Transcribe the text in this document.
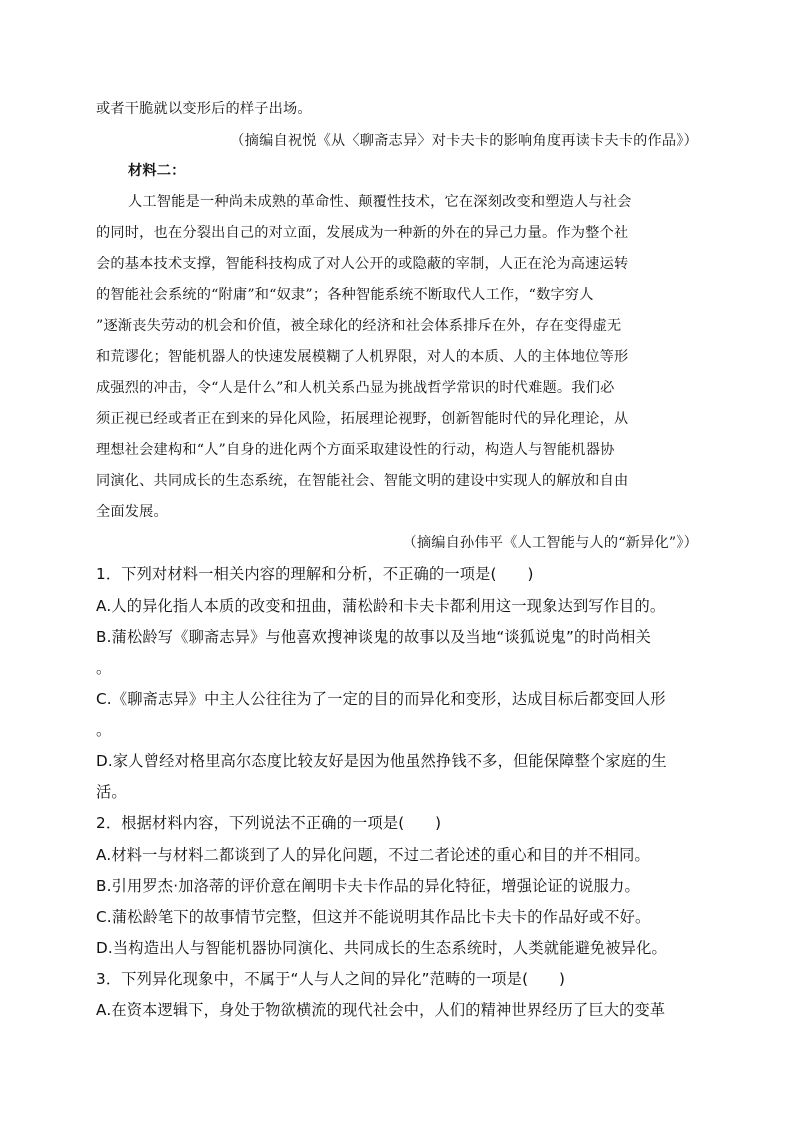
或者干脆就以变形后的样子出场。
（摘编自祝悦《从〈聊斋志异〉对卡夫卡的影响角度再读卡夫卡的作品》）
材料二：
人工智能是一种尚未成熟的革命性、颠覆性技术，它在深刻改变和塑造人与社会
的同时，也在分裂出自己的对立面，发展成为一种新的外在的异己力量。作为整个社
会的基本技术支撑，智能科技构成了对人公开的或隐蔽的宰制，人正在沦为高速运转
的智能社会系统的“附庸”和“奴隶”；各种智能系统不断取代人工作，“数字穷人
”逐渐丧失劳动的机会和价值，被全球化的经济和社会体系排斥在外，存在变得虚无
和荒谬化；智能机器人的快速发展模糊了人机界限，对人的本质、人的主体地位等形
成强烈的冲击，令“人是什么”和人机关系凸显为挑战哲学常识的时代难题。我们必
须正视已经或者正在到来的异化风险，拓展理论视野，创新智能时代的异化理论，从
理想社会建构和“人”自身的进化两个方面采取建设性的行动，构造人与智能机器协
同演化、共同成长的生态系统，在智能社会、智能文明的建设中实现人的解放和自由
全面发展。
（摘编自孙伟平《人工智能与人的“新异化”》）
1．下列对材料一相关内容的理解和分析，不正确的一项是(　　)
A.人的异化指人本质的改变和扭曲，蒲松龄和卡夫卡都利用这一现象达到写作目的。
B.蒲松龄写《聊斋志异》与他喜欢搜神谈鬼的故事以及当地“谈狐说鬼”的时尚相关
。
C.《聊斋志异》中主人公往往为了一定的目的而异化和变形，达成目标后都变回人形
。
D.家人曾经对格里高尔态度比较友好是因为他虽然挣钱不多，但能保障整个家庭的生
活。
2．根据材料内容，下列说法不正确的一项是(　　)
A.材料一与材料二都谈到了人的异化问题，不过二者论述的重心和目的并不相同。
B.引用罗杰·加洛蒂的评价意在阐明卡夫卡作品的异化特征，增强论证的说服力。
C.蒲松龄笔下的故事情节完整，但这并不能说明其作品比卡夫卡的作品好或不好。
D.当构造出人与智能机器协同演化、共同成长的生态系统时，人类就能避免被异化。
3．下列异化现象中，不属于“人与人之间的异化”范畴的一项是(　　)
A.在资本逻辑下，身处于物欲横流的现代社会中，人们的精神世界经历了巨大的变革
